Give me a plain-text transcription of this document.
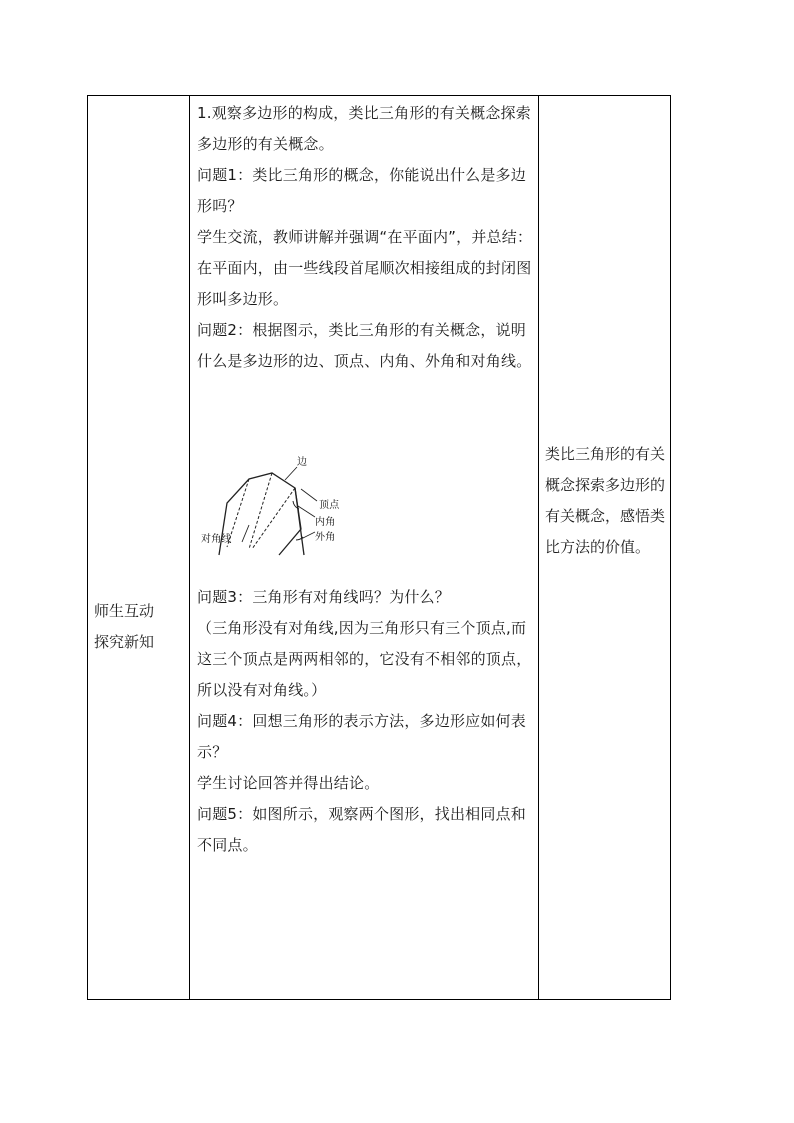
师生互动
探究新知

1.观察多边形的构成，类比三角形的有关概念探索多边形的有关概念。

问题1：类比三角形的概念，你能说出什么是多边形吗？

学生交流，教师讲解并强调“在平面内”，并总结：在平面内，由一些线段首尾顺次相接组成的封闭图形叫多边形。

问题2：根据图示，类比三角形的有关概念，说明什么是多边形的边、顶点、内角、外角和对角线。

边
顶点
内角
外角
对角线

问题3：三角形有对角线吗？为什么？

（三角形没有对角线,因为三角形只有三个顶点,而这三个顶点是两两相邻的，它没有不相邻的顶点，所以没有对角线。）

问题4：回想三角形的表示方法，多边形应如何表示？

学生讨论回答并得出结论。

问题5：如图所示，观察两个图形，找出相同点和不同点。

类比三角形的有关概念探索多边形的有关概念，感悟类比方法的价值。
